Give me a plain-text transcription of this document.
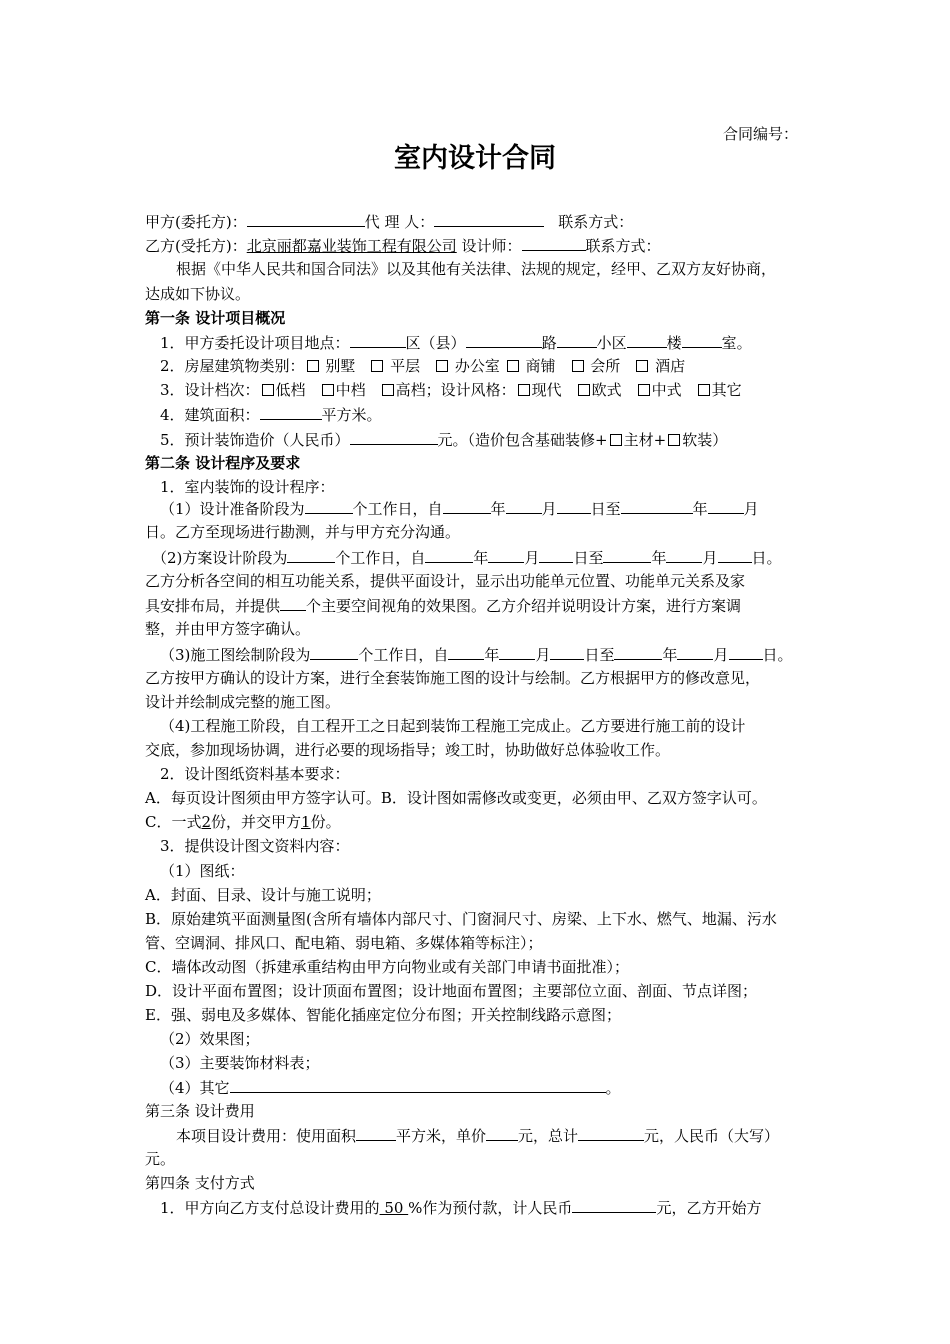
合同编号：
室内设计合同
甲方(委托方)：	代 理 人：	联系方式：
乙方(受托方)：北京丽都嘉业装饰工程有限公司 设计师：	联系方式：
根据《中华人民共和国合同法》以及其他有关法律、法规的规定，经甲、乙双方友好协商，
达成如下协议。
第一条 设计项目概况
1．甲方委托设计项目地点：	区（县）	路	小区	楼	室。
2．房屋建筑物类别： 别墅 平层 办公室 商铺 会所 酒店
3．设计档次： 低档 中档 高档；设计风格： 现代 欧式 中式 其它
4．建筑面积：	平方米。
5．预计装饰造价（人民币）	元。（造价包含基础装修+ 主材+ 软装）
第二条 设计程序及要求
1．室内装饰的设计程序：
（1）设计准备阶段为	个工作日，自	年 月 日至	年 月
日。乙方至现场进行勘测，并与甲方充分沟通。
（2)方案设计阶段为	个工作日，自	年 月 日至	年 月 日。
乙方分析各空间的相互功能关系，提供平面设计，显示出功能单元位置、功能单元关系及家
具安排布局，并提供 个主要空间视角的效果图。乙方介绍并说明设计方案，进行方案调
整，并由甲方签字确认。
（3)施工图绘制阶段为	个工作日，自 年 月 日至	年 月 日。
乙方按甲方确认的设计方案，进行全套装饰施工图的设计与绘制。乙方根据甲方的修改意见，
设计并绘制成完整的施工图。
（4)工程施工阶段，自工程开工之日起到装饰工程施工完成止。乙方要进行施工前的设计
交底，参加现场协调，进行必要的现场指导；竣工时，协助做好总体验收工作。
2．设计图纸资料基本要求：
A．每页设计图须由甲方签字认可。B．设计图如需修改或变更，必须由甲、乙双方签字认可。
C．一式2份，并交甲方1份。
3．提供设计图文资料内容：
（1）图纸：
A．封面、目录、设计与施工说明；
B．原始建筑平面测量图(含所有墙体内部尺寸、门窗洞尺寸、房梁、上下水、燃气、地漏、污水
管、空调洞、排风口、配电箱、弱电箱、多媒体箱等标注）；
C．墙体改动图（拆建承重结构由甲方向物业或有关部门申请书面批准）；
D．设计平面布置图；设计顶面布置图；设计地面布置图；主要部位立面、剖面、节点详图；
E．强、弱电及多媒体、智能化插座定位分布图；开关控制线路示意图；
（2）效果图；
（3）主要装饰材料表；
（4）其它	。
第三条 设计费用
本项目设计费用：使用面积	平方米，单价 元，总计	元，人民币（大写）
元。
第四条 支付方式
1．甲方向乙方支付总设计费用的 50 %作为预付款，计人民币	元，乙方开始方
